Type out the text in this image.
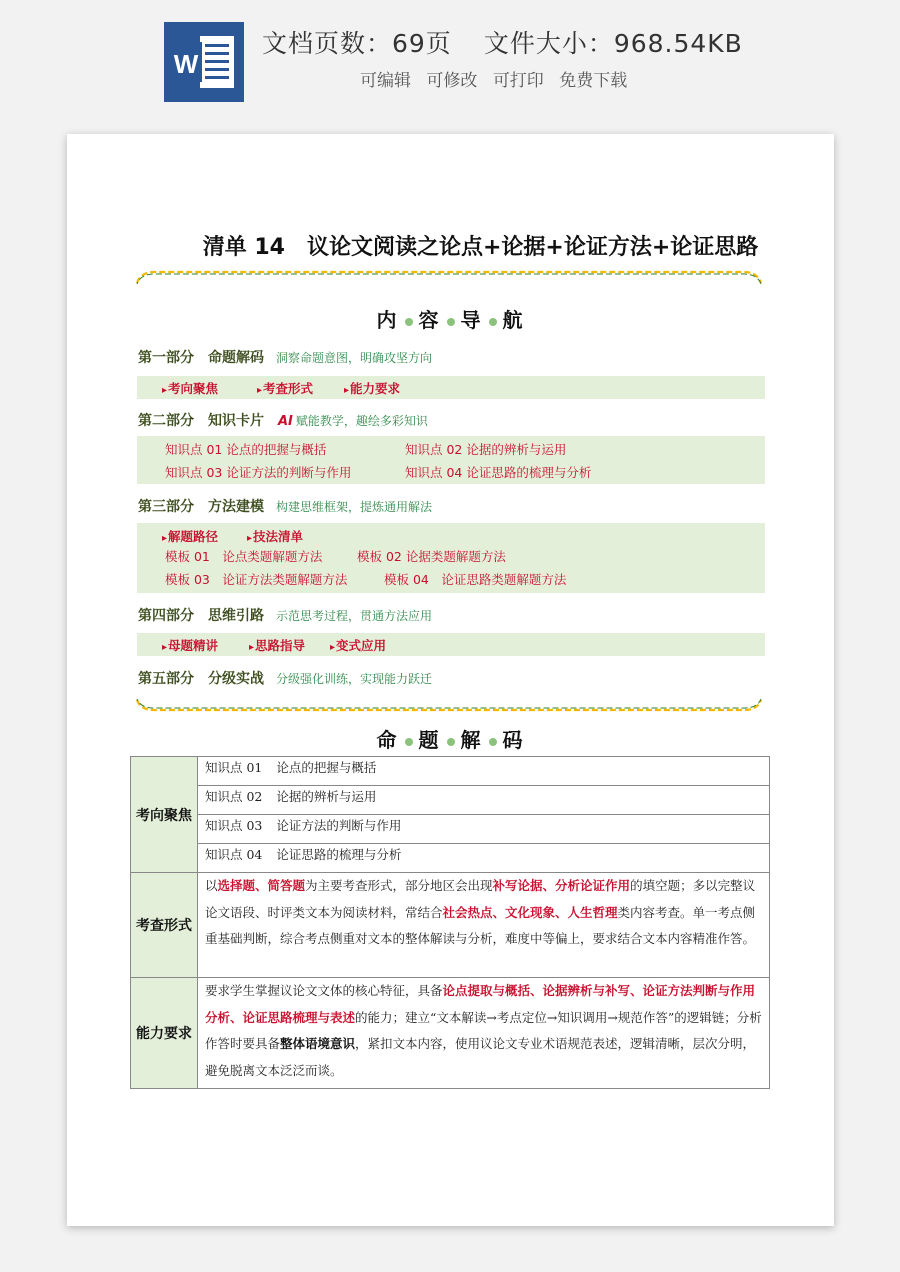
W
文档页数：69页 文件大小：968.54KB
可编辑 可修改 可打印 免费下载
清单 14　议论文阅读之论点+论据+论证方法+论证思路
内 容 导 航
第一部分 命题解码 洞察命题意图，明确攻坚方向
▸ 考向聚焦	▸ 考查形式	▸ 能力要求
第二部分 知识卡片 AI 赋能教学，趣绘多彩知识
知识点 01 论点的把握与概括	知识点 02 论据的辨析与运用
知识点 03 论证方法的判断与作用	知识点 04 论证思路的梳理与分析
第三部分 方法建模 构建思维框架，提炼通用解法
▸ 解题路径	▸ 技法清单
模板 01　论点类题解题方法	模板 02 论据类题解题方法
模板 03　论证方法类题解题方法	模板 04　论证思路类题解题方法
第四部分 思维引路 示范思考过程，贯通方法应用
▸ 母题精讲	▸ 思路指导	▸ 变式应用
第五部分 分级实战 分级强化训练，实现能力跃迁
命 题 解 码
考向聚焦	知识点 01 论点的把握与概括
	知识点 02 论据的辨析与运用
	知识点 03 论证方法的判断与作用
	知识点 04 论证思路的梳理与分析
考查形式	以选择题、简答题为主要考查形式，部分地区会出现补写论据、分析论证作用的填空题；多以完整议论文语段、时评类文本为阅读材料，常结合社会热点、文化现象、人生哲理类内容考查。单一考点侧重基础判断，综合考点侧重对文本的整体解读与分析，难度中等偏上，要求结合文本内容精准作答。
能力要求	要求学生掌握议论文文体的核心特征，具备论点提取与概括、论据辨析与补写、论证方法判断与作用分析、论证思路梳理与表述的能力；建立“文本解读→考点定位→知识调用→规范作答”的逻辑链；分析作答时要具备整体语境意识，紧扣文本内容，使用议论文专业术语规范表述，逻辑清晰，层次分明，避免脱离文本泛泛而谈。
